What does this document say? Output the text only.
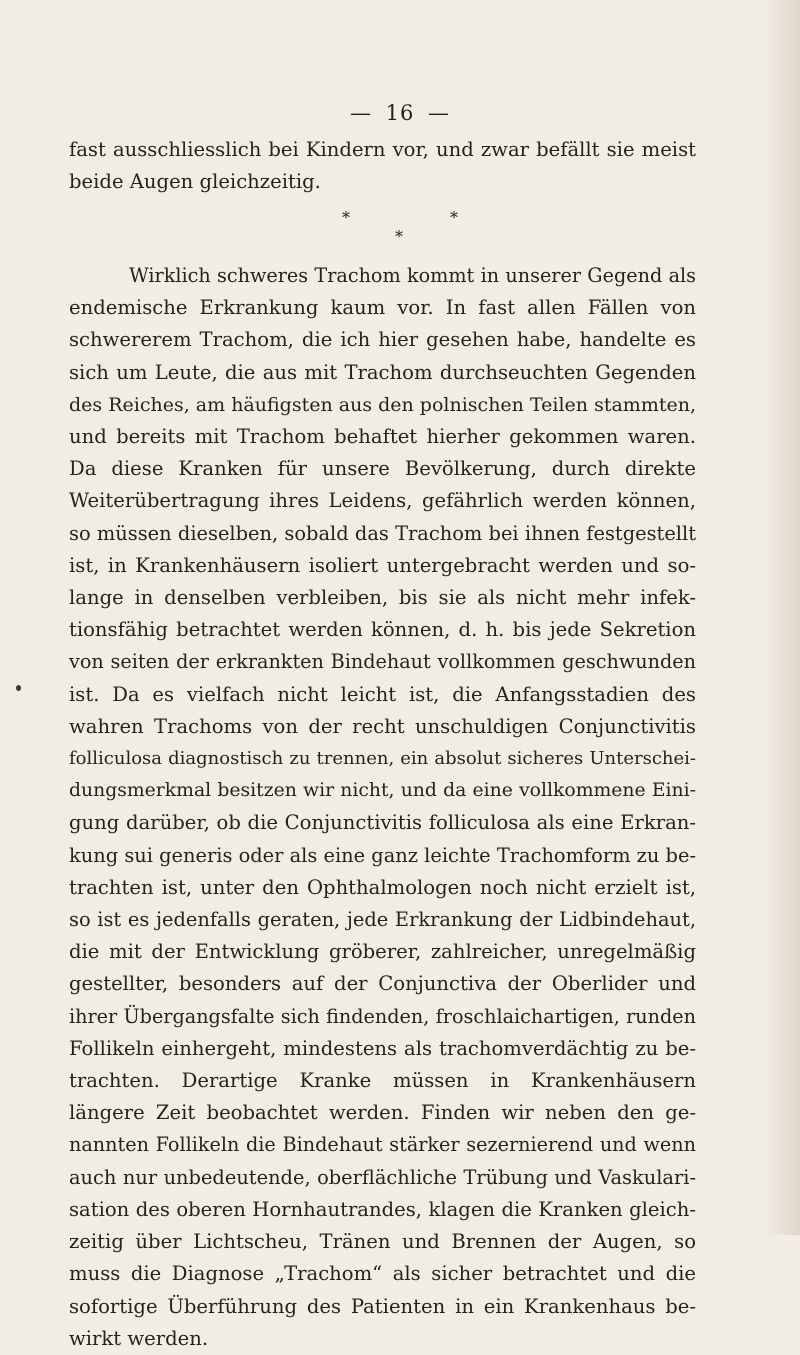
— 16 —
fast ausschliesslich bei Kindern vor, und zwar befällt sie meist
beide Augen gleichzeitig.
*	*
*
Wirklich schweres Trachom kommt in unserer Gegend als
endemische Erkrankung kaum vor. In fast allen Fällen von
schwererem Trachom, die ich hier gesehen habe, handelte es
sich um Leute, die aus mit Trachom durchseuchten Gegenden
des Reiches, am häufigsten aus den polnischen Teilen stammten,
und bereits mit Trachom behaftet hierher gekommen waren.
Da diese Kranken für unsere Bevölkerung, durch direkte
Weiterübertragung ihres Leidens, gefährlich werden können,
so müssen dieselben, sobald das Trachom bei ihnen festgestellt
ist, in Krankenhäusern isoliert untergebracht werden und so-
lange in denselben verbleiben, bis sie als nicht mehr infek-
tionsfähig betrachtet werden können, d. h. bis jede Sekretion
von seiten der erkrankten Bindehaut vollkommen geschwunden
ist. Da es vielfach nicht leicht ist, die Anfangsstadien des
wahren Trachoms von der recht unschuldigen Conjunctivitis
folliculosa diagnostisch zu trennen, ein absolut sicheres Unterschei-
dungsmerkmal besitzen wir nicht, und da eine vollkommene Eini-
gung darüber, ob die Conjunctivitis folliculosa als eine Erkran-
kung sui generis oder als eine ganz leichte Trachomform zu be-
trachten ist, unter den Ophthalmologen noch nicht erzielt ist,
so ist es jedenfalls geraten, jede Erkrankung der Lidbindehaut,
die mit der Entwicklung gröberer, zahlreicher, unregelmäßig
gestellter, besonders auf der Conjunctiva der Oberlider und
ihrer Übergangsfalte sich findenden, froschlaichartigen, runden
Follikeln einhergeht, mindestens als trachomverdächtig zu be-
trachten. Derartige Kranke müssen in Krankenhäusern
längere Zeit beobachtet werden. Finden wir neben den ge-
nannten Follikeln die Bindehaut stärker sezernierend und wenn
auch nur unbedeutende, oberflächliche Trübung und Vaskulari-
sation des oberen Hornhautrandes, klagen die Kranken gleich-
zeitig über Lichtscheu, Tränen und Brennen der Augen, so
muss die Diagnose „Trachom“ als sicher betrachtet und die
sofortige Überführung des Patienten in ein Krankenhaus be-
wirkt werden.
